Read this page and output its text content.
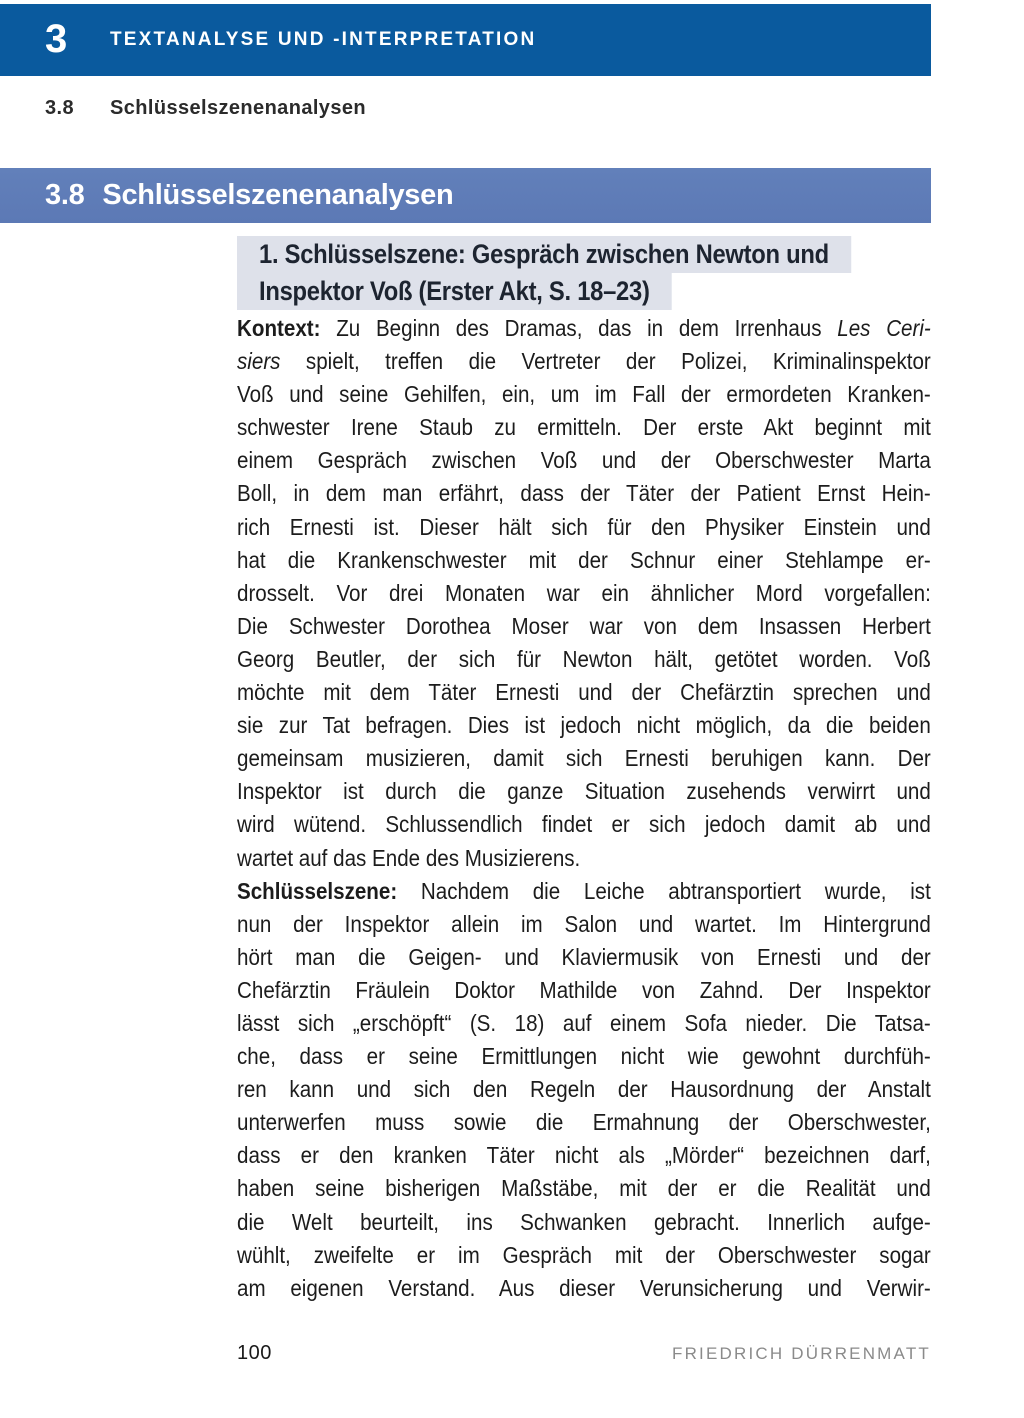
3 TEXTANALYSE UND -INTERPRETATION
3.8 Schlüsselszenenanalysen
3.8 Schlüsselszenenanalysen
1. Schlüsselszene: Gespräch zwischen Newton und
Inspektor Voß (Erster Akt, S. 18–23)
Kontext: Zu Beginn des Dramas, das in dem Irrenhaus Les Ceri-
siers spielt, treffen die Vertreter der Polizei, Kriminalinspektor
Voß und seine Gehilfen, ein, um im Fall der ermordeten Kranken-
schwester Irene Staub zu ermitteln. Der erste Akt beginnt mit
einem Gespräch zwischen Voß und der Oberschwester Marta
Boll, in dem man erfährt, dass der Täter der Patient Ernst Hein-
rich Ernesti ist. Dieser hält sich für den Physiker Einstein und
hat die Krankenschwester mit der Schnur einer Stehlampe er-
drosselt. Vor drei Monaten war ein ähnlicher Mord vorgefallen:
Die Schwester Dorothea Moser war von dem Insassen Herbert
Georg Beutler, der sich für Newton hält, getötet worden. Voß
möchte mit dem Täter Ernesti und der Chefärztin sprechen und
sie zur Tat befragen. Dies ist jedoch nicht möglich, da die beiden
gemeinsam musizieren, damit sich Ernesti beruhigen kann. Der
Inspektor ist durch die ganze Situation zusehends verwirrt und
wird wütend. Schlussendlich findet er sich jedoch damit ab und
wartet auf das Ende des Musizierens.
Schlüsselszene: Nachdem die Leiche abtransportiert wurde, ist
nun der Inspektor allein im Salon und wartet. Im Hintergrund
hört man die Geigen- und Klaviermusik von Ernesti und der
Chefärztin Fräulein Doktor Mathilde von Zahnd. Der Inspektor
lässt sich „erschöpft“ (S. 18) auf einem Sofa nieder. Die Tatsa-
che, dass er seine Ermittlungen nicht wie gewohnt durchfüh-
ren kann und sich den Regeln der Hausordnung der Anstalt
unterwerfen muss sowie die Ermahnung der Oberschwester,
dass er den kranken Täter nicht als „Mörder“ bezeichnen darf,
haben seine bisherigen Maßstäbe, mit der er die Realität und
die Welt beurteilt, ins Schwanken gebracht. Innerlich aufge-
wühlt, zweifelte er im Gespräch mit der Oberschwester sogar
am eigenen Verstand. Aus dieser Verunsicherung und Verwir-
100	FRIEDRICH DÜRRENMATT
